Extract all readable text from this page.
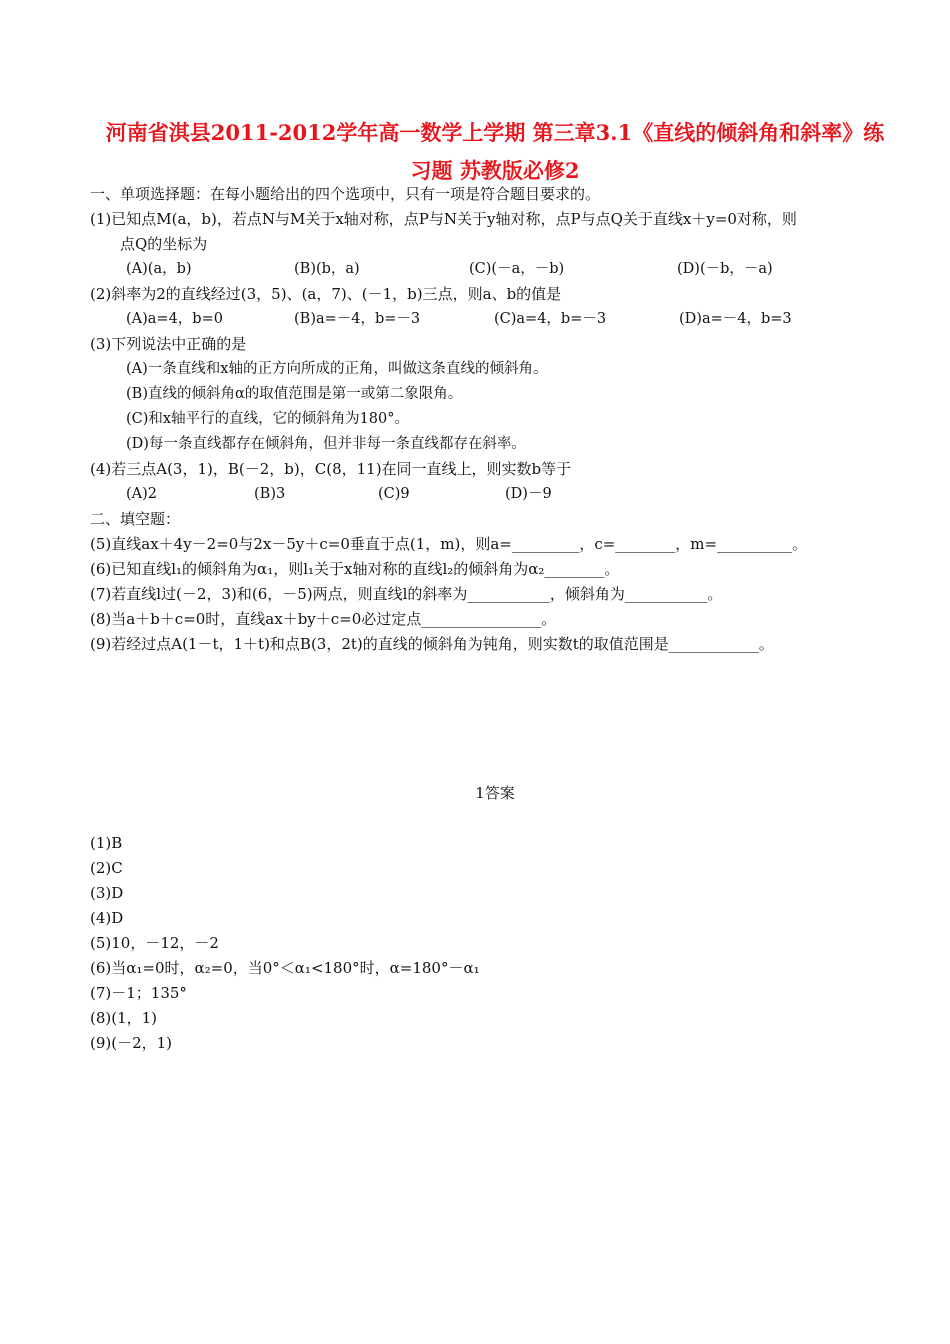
河南省淇县2011-2012学年高一数学上学期 第三章3.1《直线的倾斜角和斜率》练
习题 苏教版必修2
一、单项选择题：在每小题给出的四个选项中，只有一项是符合题目要求的。
(1)已知点M(a，b)，若点N与M关于x轴对称，点P与N关于y轴对称，点P与点Q关于直线x＋y=0对称，则
点Q的坐标为
(A)(a，b)	(B)(b，a)	(C)(－a，－b)	(D)(－b，－a)
(2)斜率为2的直线经过(3，5)、(a，7)、(－1，b)三点，则a、b的值是
(A)a=4，b=0	(B)a=－4，b=－3	(C)a=4，b=－3	(D)a=－4，b=3
(3)下列说法中正确的是
(A)一条直线和x轴的正方向所成的正角，叫做这条直线的倾斜角。
(B)直线的倾斜角α的取值范围是第一或第二象限角。
(C)和x轴平行的直线，它的倾斜角为180°。
(D)每一条直线都存在倾斜角，但并非每一条直线都存在斜率。
(4)若三点A(3，1)，B(－2，b)，C(8，11)在同一直线上，则实数b等于
(A)2	(B)3	(C)9	(D)－9
二、填空题：
(5)直线ax＋4y－2=0与2x－5y＋c=0垂直于点(1，m)，则a=_________，c=________，m=__________。
(6)已知直线l₁的倾斜角为α₁，则l₁关于x轴对称的直线l₂的倾斜角为α₂________。
(7)若直线l过(－2，3)和(6，－5)两点，则直线l的斜率为___________，倾斜角为___________。
(8)当a＋b＋c=0时，直线ax＋by＋c=0必过定点________________。
(9)若经过点A(1－t，1＋t)和点B(3，2t)的直线的倾斜角为钝角，则实数t的取值范围是____________。
1答案
(1)B
(2)C
(3)D
(4)D
(5)10，－12，－2
(6)当α₁=0时，α₂=0，当0°＜α₁<180°时，α=180°－α₁
(7)－1；135°
(8)(1，1)
(9)(－2，1)
